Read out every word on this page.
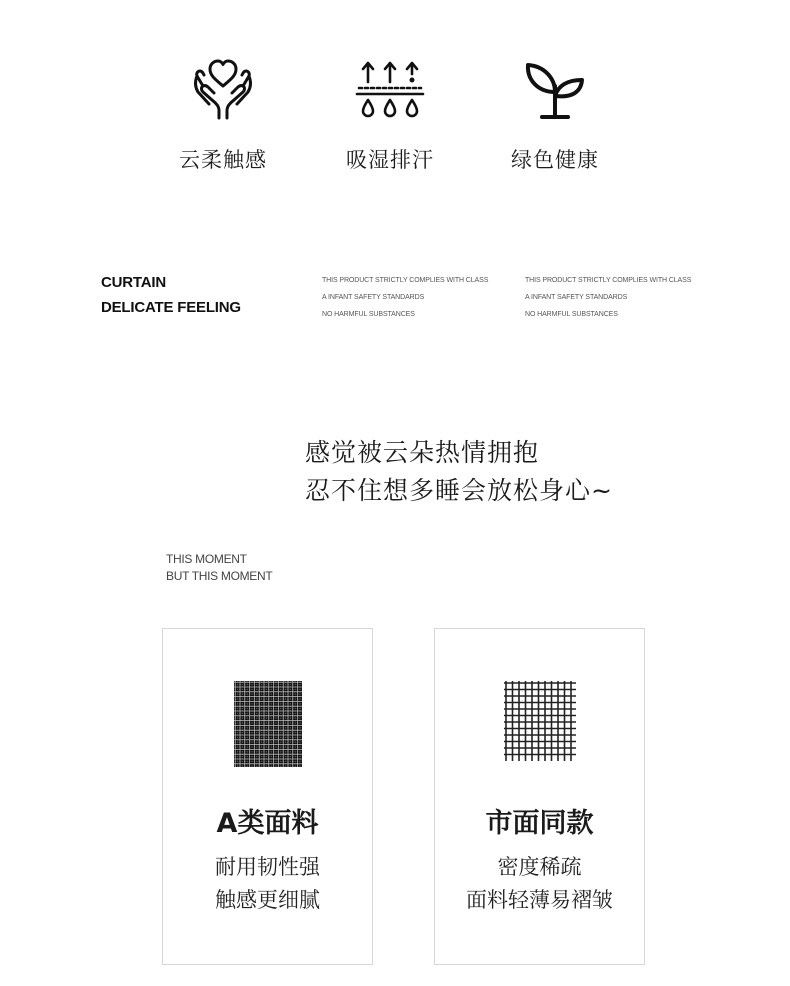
云柔触感	吸湿排汗	绿色健康
CURTAIN
DELICATE FEELING
THIS PRODUCT STRICTLY COMPLIES WITH CLASS
A INFANT SAFETY STANDARDS
NO HARMFUL SUBSTANCES
THIS PRODUCT STRICTLY COMPLIES WITH CLASS
A INFANT SAFETY STANDARDS
NO HARMFUL SUBSTANCES
感觉被云朵热情拥抱
忍不住想多睡会放松身心~
THIS MOMENT
BUT THIS MOMENT
A类面料
耐用韧性强
触感更细腻
市面同款
密度稀疏
面料轻薄易褶皱
